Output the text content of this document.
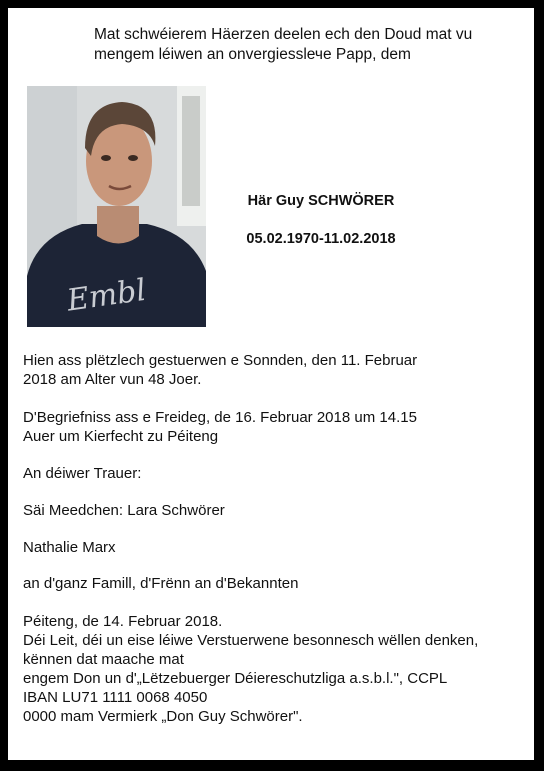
Mat schwéierem Häerzen deelen ech den Doud mat vu
mengem léiwen an onvergiesslече Papp, dem
Embl
Här Guy SCHWÖRER
05.02.1970-11.02.2018
Hien ass plëtzlech gestuerwen e Sonnden, den 11. Februar
2018 am Alter vun 48 Joer.
D'Begriefniss ass e Freideg, de 16. Februar 2018 um 14.15
Auer um Kierfecht zu Péiteng
An déiwer Trauer:
Säi Meedchen: Lara Schwörer
Nathalie Marx
an d'ganz Famill, d'Frënn an d'Bekannten
Péiteng, de 14. Februar 2018.
Déi Leit, déi un eise léiwe Verstuerwene besonnesch wëllen denken,
kënnen dat maache mat
engem Don un d'„Lëtzebuerger Déiereschutzliga a.s.b.l.", CCPL
IBAN LU71 1111 0068 4050
0000 mam Vermierk „Don Guy Schwörer".
